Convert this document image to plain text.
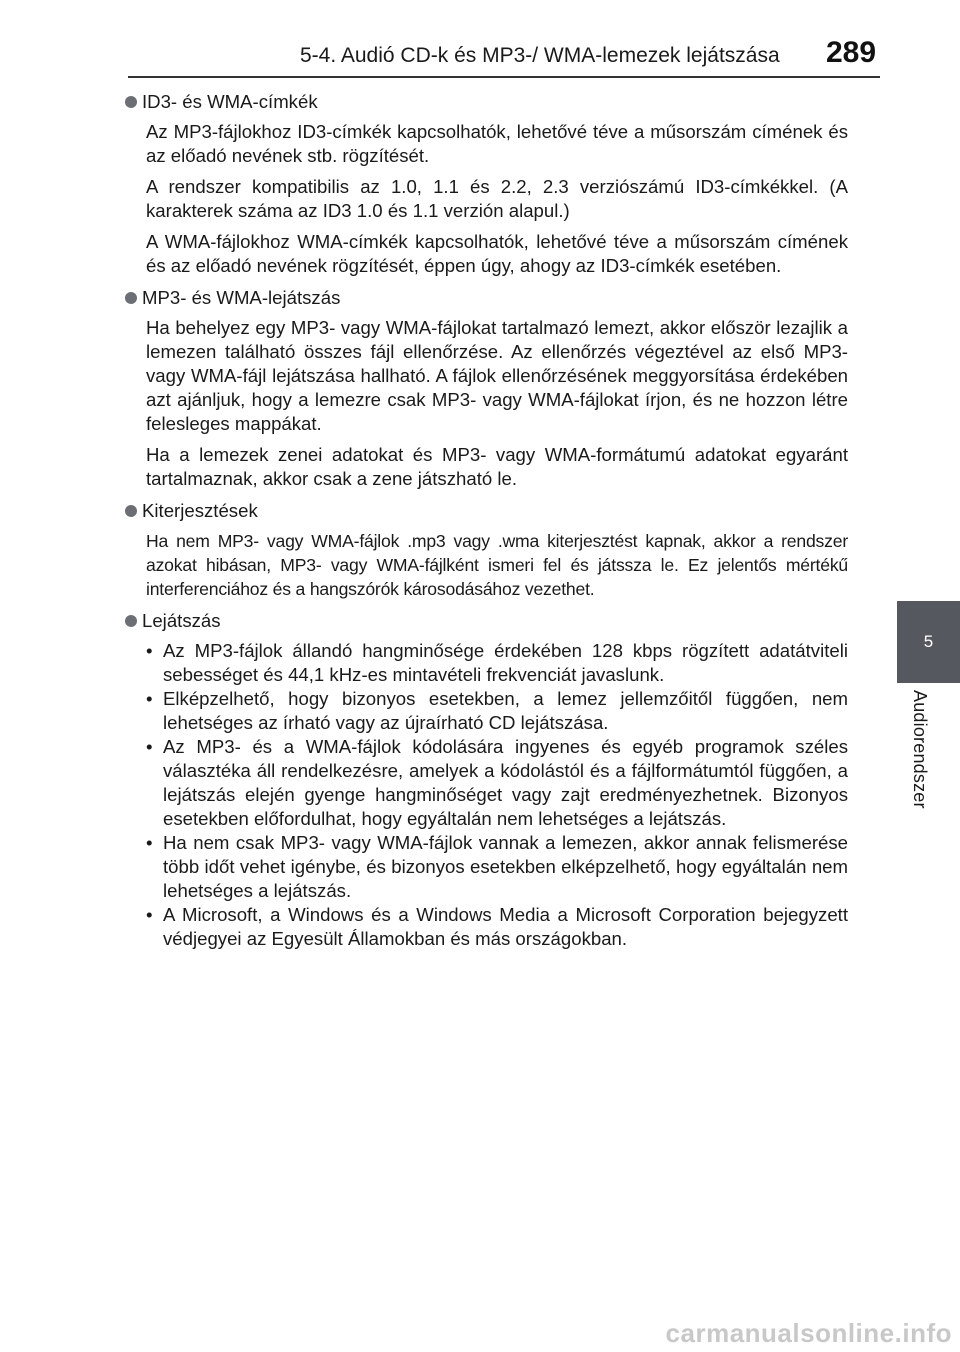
5-4. Audió CD-k és MP3-/ WMA-lemezek lejátszása 289
5
Audiorendszer
ID3- és WMA-címkék

Az MP3-fájlokhoz ID3-címkék kapcsolhatók, lehetővé téve a műsorszám címének és az előadó nevének stb. rögzítését.

A rendszer kompatibilis az 1.0, 1.1 és 2.2, 2.3 verziószámú ID3-címkékkel. (A karakterek száma az ID3 1.0 és 1.1 verzión alapul.)

A WMA-fájlokhoz WMA-címkék kapcsolhatók, lehetővé téve a műsorszám címének és az előadó nevének rögzítését, éppen úgy, ahogy az ID3-címkék esetében.

MP3- és WMA-lejátszás

Ha behelyez egy MP3- vagy WMA-fájlokat tartalmazó lemezt, akkor először lezajlik a lemezen található összes fájl ellenőrzése. Az ellenőrzés végeztével az első MP3- vagy WMA-fájl lejátszása hallható. A fájlok ellenőrzésének meggyorsítása érdekében azt ajánljuk, hogy a lemezre csak MP3- vagy WMA-fájlokat írjon, és ne hozzon létre felesleges mappákat.

Ha a lemezek zenei adatokat és MP3- vagy WMA-formátumú adatokat egyaránt tartalmaznak, akkor csak a zene játszható le.

Kiterjesztések

Ha nem MP3- vagy WMA-fájlok .mp3 vagy .wma kiterjesztést kapnak, akkor a rendszer azokat hibásan, MP3- vagy WMA-fájlként ismeri fel és játssza le. Ez jelentős mértékű interferenciához és a hangszórók károsodásához vezethet.

Lejátszás
• Az MP3-fájlok állandó hangminősége érdekében 128 kbps rögzített adatátviteli sebességet és 44,1 kHz-es mintavételi frekvenciát javaslunk.
• Elképzelhető, hogy bizonyos esetekben, a lemez jellemzőitől függően, nem lehetséges az írható vagy az újraírható CD lejátszása.
• Az MP3- és a WMA-fájlok kódolására ingyenes és egyéb programok széles választéka áll rendelkezésre, amelyek a kódolástól és a fájlformátumtól függően, a lejátszás elején gyenge hangminőséget vagy zajt eredményezhetnek. Bizonyos esetekben előfordulhat, hogy egyáltalán nem lehetséges a lejátszás.
• Ha nem csak MP3- vagy WMA-fájlok vannak a lemezen, akkor annak felismerése több időt vehet igénybe, és bizonyos esetekben elképzelhető, hogy egyáltalán nem lehetséges a lejátszás.
• A Microsoft, a Windows és a Windows Media a Microsoft Corporation bejegyzett védjegyei az Egyesült Államokban és más országokban.
carmanualsonline.info
